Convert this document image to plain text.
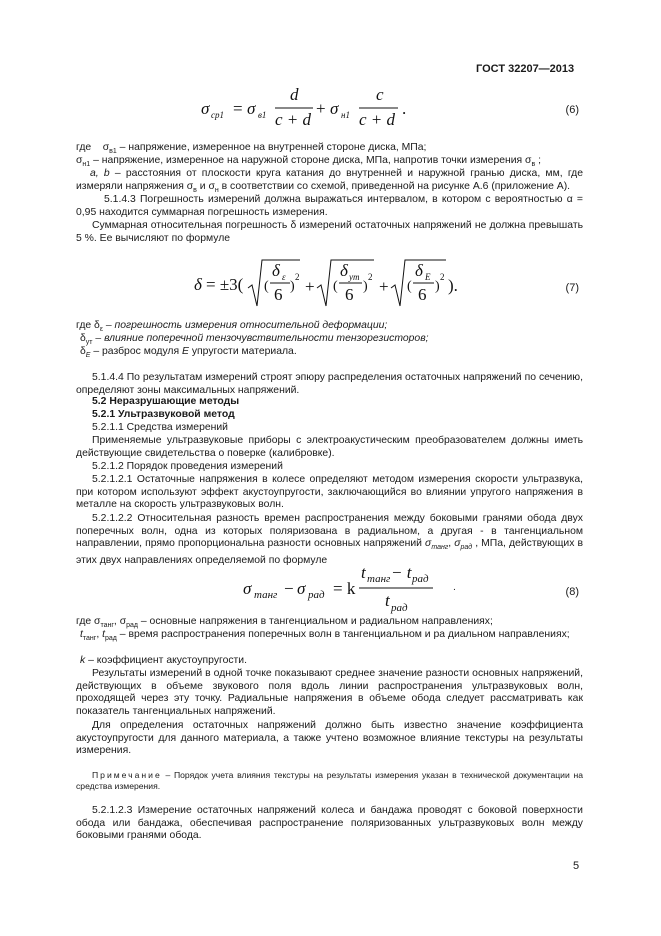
ГОСТ 32207—2013
σ ср1 = σ в1
d
c + d
+ σ н1
c
c + d
.	(6)
где $\sigma_{в1}$ – напряжение, измеренное на внутренней стороне диска, МПа;
$\sigma_{н1}$ – напряжение, измеренное на наружной стороне диска, МПа, напротив точки измерения $\sigma_в$ ;
a, b – расстояния от плоскости круга катания до внутренней и наружной гранью диска, мм, где измеряли напряжения $\sigma_в$ и $\sigma_н$ в соответствии со схемой, приведенной на рисунке А.6 (приложение А).

5.1.4.3 Погрешность измерений должна выражаться интервалом, в котором с вероятностью α = 0,95 находится суммарная погрешность измерения.

Суммарная относительная погрешность δ измерений остаточных напряжений не должна превышать 5 %. Ее вычисляют по формуле

δ = ±3( (
δ ε
6 )
2 + (
δ ут
6 )
2 + (
δ E
6 )
2 ).	(7)
где $\delta_\varepsilon$ – погрешность измерения относительной деформации;
$\delta_{ут}$ – влияние поперечной тензочувствительности тензорезисторов;
$\delta_E$ – разброс модуля E упругости материала.

5.1.4.4 По результатам измерений строят эпюру распределения остаточных напряжений по сечению, определяют зоны максимальных напряжений.

5.2 Неразрушающие методы
5.2.1 Ультразвуковой метод
5.2.1.1 Средства измерений

Применяемые ультразвуковые приборы с электроакустическим преобразователем должны иметь действующие свидетельства о поверке (калибровке).

5.2.1.2 Порядок проведения измерений

5.2.1.2.1 Остаточные напряжения в колесе определяют методом измерения скорости ультразвука, при котором используют эффект акустоупругости, заключающийся во влиянии упругого напряжения в металле на скорость ультразвуковых волн.

5.2.1.2.2 Относительная разность времен распространения между боковыми гранями обода двух поперечных волн, одна из которых поляризована в радиальном, а другая - в тангенциальном направлении, прямо пропорциональна разности основных напряжений $\sigma_{танг}$, $\sigma_{рад}$ , МПа, действующих в этих двух направлениях определяемой по формуле

σ танг − σ рад = k
t танг − t рад
t рад
.	(8)
где $\sigma_{танг}$, $\sigma_{рад}$ – основные напряжения в тангенциальном и радиальном направлениях;
$t_{танг}$, $t_{рад}$ – время распространения поперечных волн в тангенциальном и ра диальном направлениях;
k – коэффициент акустоупругости.

Результаты измерений в одной точке показывают среднее значение разности основных напряжений, действующих в объеме звукового поля вдоль линии распространения ультразвуковых волн, проходящей через эту точку. Радиальные напряжения в объеме обода следует рассматривать как показатель тангенциальных напряжений.

Для определения остаточных напряжений должно быть известно значение коэффициента акустоупругости для данного материала, а также учтено возможное влияние текстуры на результаты измерения.

Примечание – Порядок учета влияния текстуры на результаты измерения указан в технической документации на средства измерения.

5.2.1.2.3 Измерение остаточных напряжений колеса и бандажа проводят с боковой поверхности обода или бандажа, обеспечивая распространение поляризованных ультразвуковых волн между боковыми гранями обода.

5
